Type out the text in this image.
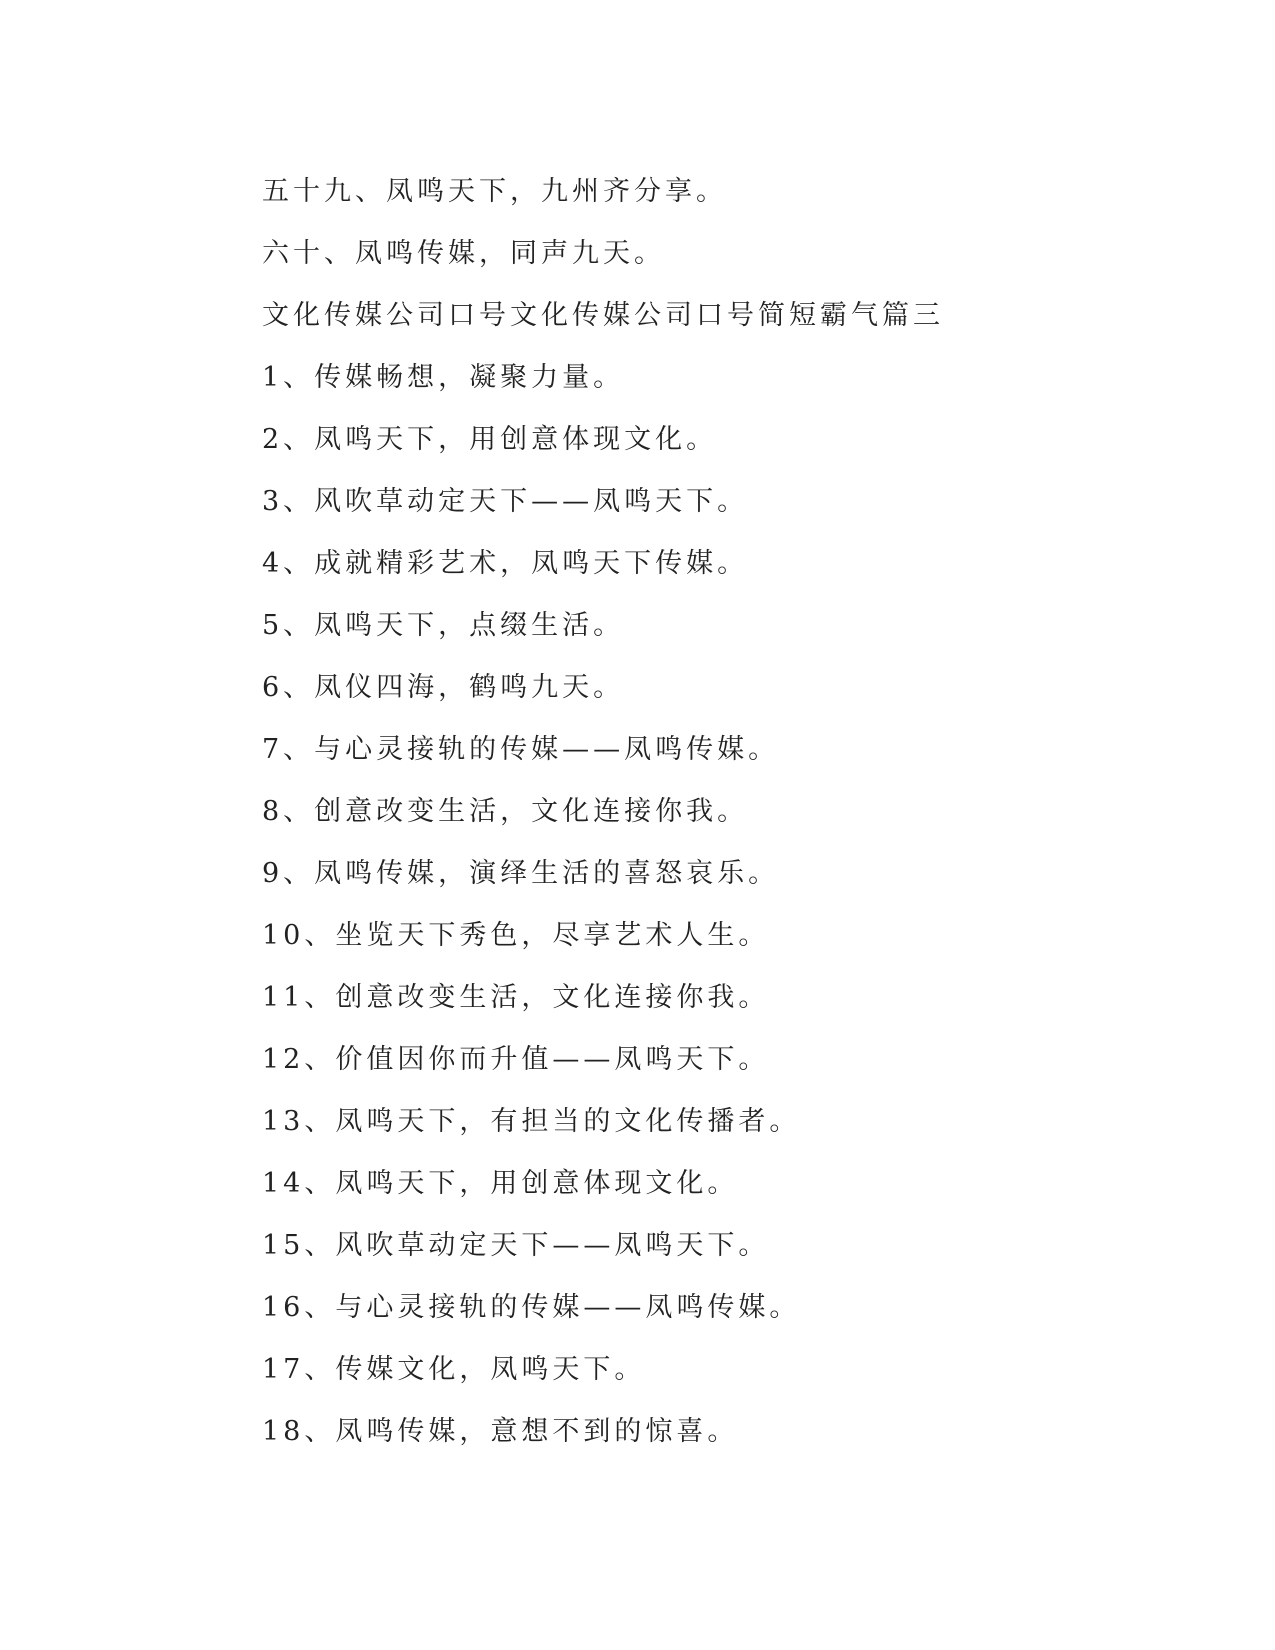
五十九、凤鸣天下，九州齐分享。
六十、凤鸣传媒，同声九天。
文化传媒公司口号文化传媒公司口号简短霸气篇三
1、传媒畅想，凝聚力量。
2、凤鸣天下，用创意体现文化。
3、风吹草动定天下——凤鸣天下。
4、成就精彩艺术，凤鸣天下传媒。
5、凤鸣天下，点缀生活。
6、凤仪四海，鹤鸣九天。
7、与心灵接轨的传媒——凤鸣传媒。
8、创意改变生活，文化连接你我。
9、凤鸣传媒，演绎生活的喜怒哀乐。
10、坐览天下秀色，尽享艺术人生。
11、创意改变生活，文化连接你我。
12、价值因你而升值——凤鸣天下。
13、凤鸣天下，有担当的文化传播者。
14、凤鸣天下，用创意体现文化。
15、风吹草动定天下——凤鸣天下。
16、与心灵接轨的传媒——凤鸣传媒。
17、传媒文化，凤鸣天下。
18、凤鸣传媒，意想不到的惊喜。
